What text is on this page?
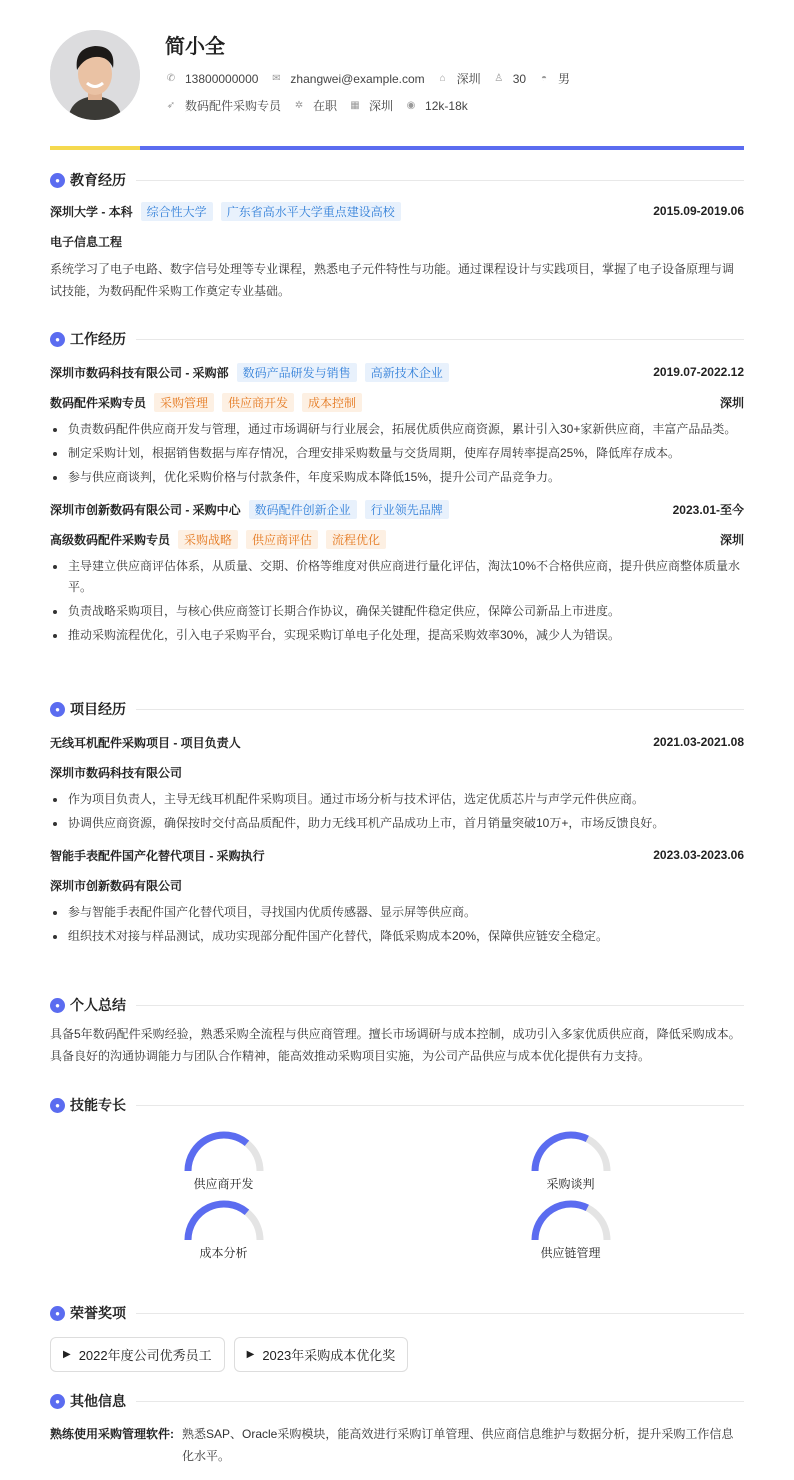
简小全
✆ 13800000000 ✉ zhangwei@example.com ⌂ 深圳 ♙ 30 ◓ 男
➶ 数码配件采购专员 ✲ 在职 ▦ 深圳 ◉ 12k-18k
● 教育经历
深圳大学 - 本科	综合性大学	广东省高水平大学重点建设高校	2015.09-2019.06
电子信息工程
系统学习了电子电路、数字信号处理等专业课程，熟悉电子元件特性与功能。通过课程设计与实践项目，掌握了电子设备原理与调试技能，为数码配件采购工作奠定专业基础。
● 工作经历
深圳市数码科技有限公司 - 采购部	数码产品研发与销售	高新技术企业	2019.07-2022.12
数码配件采购专员	采购管理	供应商开发	成本控制	深圳
负责数码配件供应商开发与管理，通过市场调研与行业展会，拓展优质供应商资源，累计引入30+家新供应商，丰富产品品类。
制定采购计划，根据销售数据与库存情况，合理安排采购数量与交货周期，使库存周转率提高25%，降低库存成本。
参与供应商谈判，优化采购价格与付款条件，年度采购成本降低15%，提升公司产品竞争力。
深圳市创新数码有限公司 - 采购中心	数码配件创新企业	行业领先品牌	2023.01-至今
高级数码配件采购专员	采购战略	供应商评估	流程优化	深圳
主导建立供应商评估体系，从质量、交期、价格等维度对供应商进行量化评估，淘汰10%不合格供应商，提升供应商整体质量水平。
负责战略采购项目，与核心供应商签订长期合作协议，确保关键配件稳定供应，保障公司新品上市进度。
推动采购流程优化，引入电子采购平台，实现采购订单电子化处理，提高采购效率30%，减少人为错误。
● 项目经历
无线耳机配件采购项目 - 项目负责人	2021.03-2021.08
深圳市数码科技有限公司
作为项目负责人，主导无线耳机配件采购项目。通过市场分析与技术评估，选定优质芯片与声学元件供应商。
协调供应商资源，确保按时交付高品质配件，助力无线耳机产品成功上市，首月销量突破10万+，市场反馈良好。
智能手表配件国产化替代项目 - 采购执行	2023.03-2023.06
深圳市创新数码有限公司
参与智能手表配件国产化替代项目，寻找国内优质传感器、显示屏等供应商。
组织技术对接与样品测试，成功实现部分配件国产化替代，降低采购成本20%，保障供应链安全稳定。
● 个人总结
具备5年数码配件采购经验，熟悉采购全流程与供应商管理。擅长市场调研与成本控制，成功引入多家优质供应商，降低采购成本。具备良好的沟通协调能力与团队合作精神，能高效推动采购项目实施，为公司产品供应与成本优化提供有力支持。
● 技能专长
供应商开发	采购谈判
成本分析	供应链管理
● 荣誉奖项
▶ 2022年度公司优秀员工	▶ 2023年采购成本优化奖
● 其他信息
熟练使用采购管理软件: 熟悉SAP、Oracle采购模块，能高效进行采购订单管理、供应商信息维护与数据分析，提升采购工作信息化水平。
